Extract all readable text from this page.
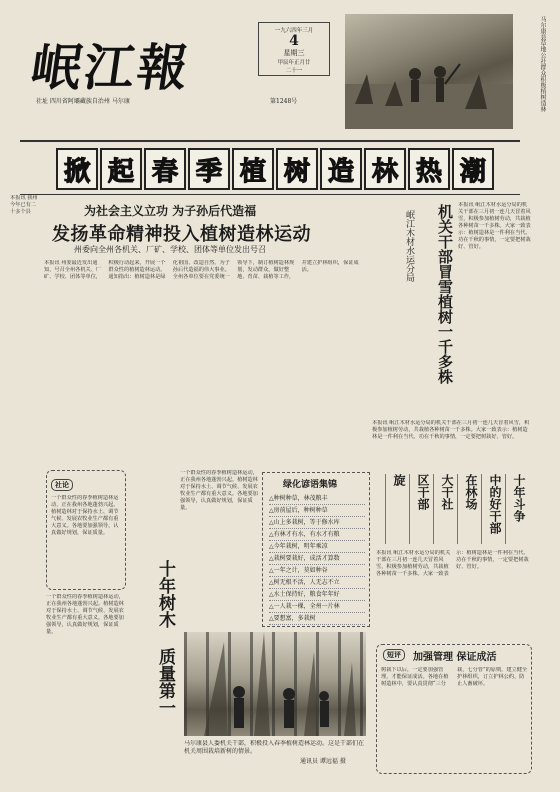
岷江報
社址 四川省阿壩藏族自治州 马尔康	第1248号
一九六四年三月
4
星期三
甲辰年正月廿
二十一	马尔康县草地公社群众积极植树造林
本报讯 我州今年已有二十多个县
掀 起 春 季 植 树 造 林 热 潮
为社会主义立功 为子孙后代造福
发扬革命精神投入植树造林运动
州委向全州各机关、厂矿、学校、团体等单位发出号召
本报讯 州委最近发出通知，号召全州各机关、厂矿、学校、团体等单位，积极行动起来，开展一个群众性的植树造林运动。通知指出：植树造林是绿化祖国、改造自然、为子孙后代造福的伟大事业。全州各单位要在党委统一领导下，制订植树造林规划，发动群众，做好整地、育苗、栽植等工作，并建立护林组织，保证成活。	机关干部冒雪植树一千多株
岷江木材水运分局
本报讯 岷江木材水运分局的机关干部在三月初一连几天冒着风雪，积极参加植树劳动，共栽植各种树苗一千多株。大家一致表示：植树造林是一件利在当代、功在千秋的事情，一定要把树栽好、管好。
本报讯 岷江木材水运分局的机关干部在三月初一连几天冒着风雪，积极参加植树劳动，共栽植各种树苗一千多株。大家一致表示：植树造林是一件利在当代、功在千秋的事情，一定要把树栽好、管好。
社论
一个群众性的春季植树造林运动，正在我州各地蓬勃兴起。植树造林对于保持水土、调节气候、发展农牧业生产都有重大意义。各地要加强领导，认真做好规划，保证质量。
一个群众性的春季植树造林运动，正在我州各地蓬勃兴起。植树造林对于保持水土、调节气候、发展农牧业生产都有重大意义。各地要加强领导，认真做好规划，保证质量。	十年树木 质量第一
一个群众性的春季植树造林运动，正在我州各地蓬勃兴起。植树造林对于保持水土、调节气候、发展农牧业生产都有重大意义。各地要加强领导，认真做好规划，保证质量。
绿化谚语集锦
△种树种草，林茂粮丰
△房前屋后，种树种草
△山上多栽树，等于修水库
△有林才有水，有水才有粮
△今年栽树，明年乘凉
△栽树要栽好，成活才算数
△一年之计，莫如种谷
△树无根不活，人无志不立
△水土保持好，粮食年年好
△一人栽一棵，全州一片林
△要想富，多栽树
十年斗争
中的好干部
在林场
大干社
区干部
旋
本报讯 岷江木材水运分局的机关干部在三月初一连几天冒着风雪，积极参加植树劳动，共栽植各种树苗一千多株。大家一致表示：植树造林是一件利在当代、功在千秋的事情，一定要把树栽好、管好。
马尔康县人委机关干部，积极投入春季植树造林运动。这是干部们在机关周围栽培新树的情景。
通讯员 谭远福 摄
短评	加强管理 保证成活
树栽下以后，一定要加强管理，才能保证成活。各地在植树造林中，要认真贯彻“三分栽，七分管”的原则，建立健全护林组织，订立护林公约，防止人畜破坏。
